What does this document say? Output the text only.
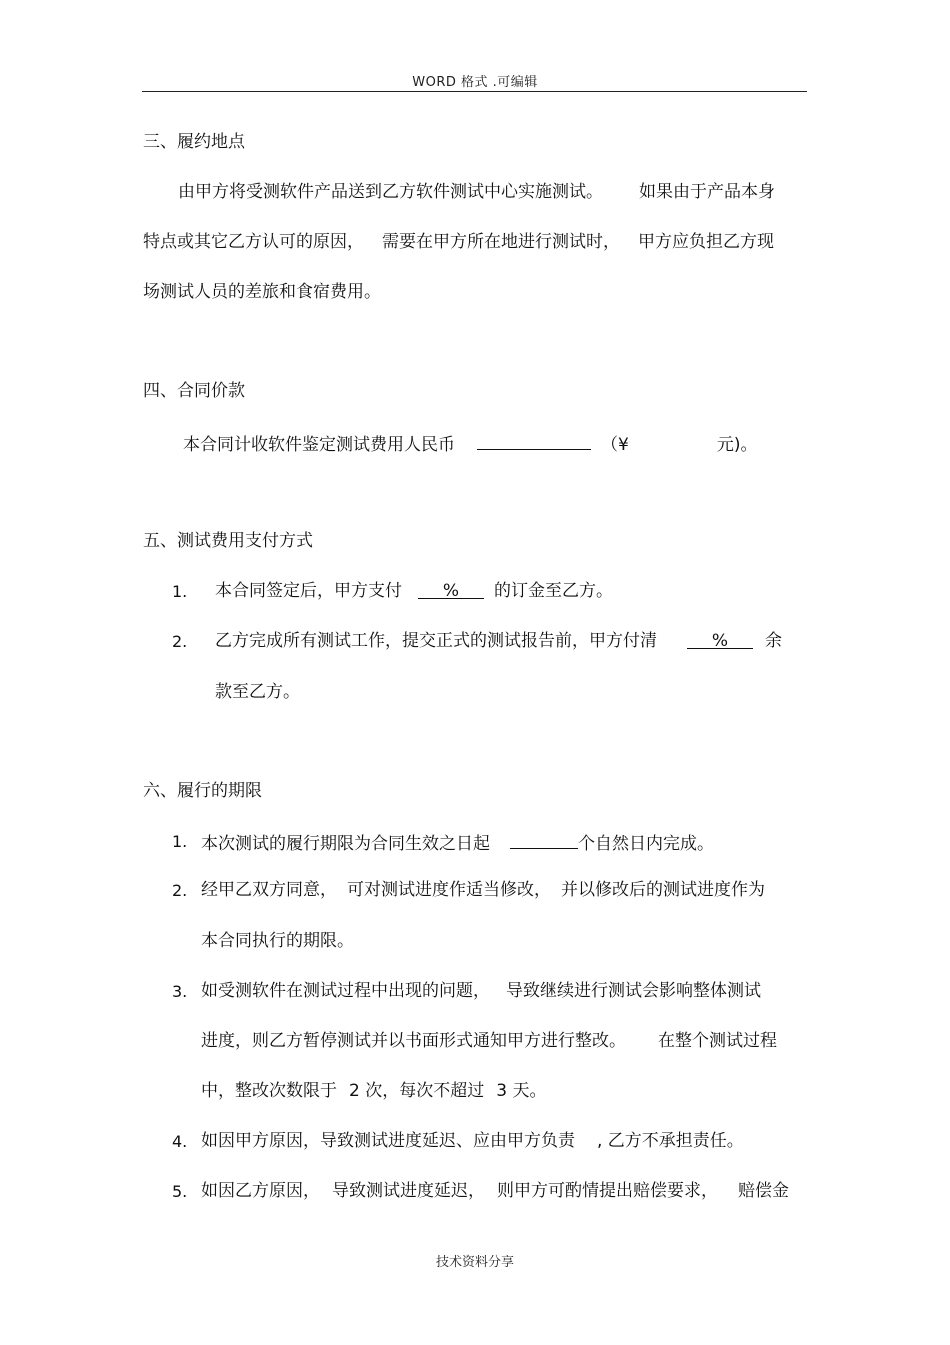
WORD 格式 .可编辑
三、履约地点
由甲方将受测软件产品送到乙方软件测试中心实施测试。 如果由于产品本身
特点或其它乙方认可的原因， 需要在甲方所在地进行测试时， 甲方应负担乙方现
场测试人员的差旅和食宿费用。
四、合同价款
本合同计收软件鉴定测试费用人民币	（¥	元)。
五、测试费用支付方式
1. 本合同签定后，甲方支付 % 的订金至乙方。
2. 乙方完成所有测试工作，提交正式的测试报告前，甲方付清	% 余
款至乙方。
六、履行的期限
1. 本次测试的履行期限为合同生效之日起	个自然日内完成。
2. 经甲乙双方同意， 可对测试进度作适当修改， 并以修改后的测试进度作为
本合同执行的期限。
3. 如受测软件在测试过程中出现的问题， 导致继续进行测试会影响整体测试
进度，则乙方暂停测试并以书面形式通知甲方进行整改。 在整个测试过程
中，整改次数限于 2 次，每次不超过 3 天。
4. 如因甲方原因，导致测试进度延迟、应由甲方负责 , 乙方不承担责任。
5. 如因乙方原因， 导致测试进度延迟， 则甲方可酌情提出赔偿要求， 赔偿金
技术资料分享
